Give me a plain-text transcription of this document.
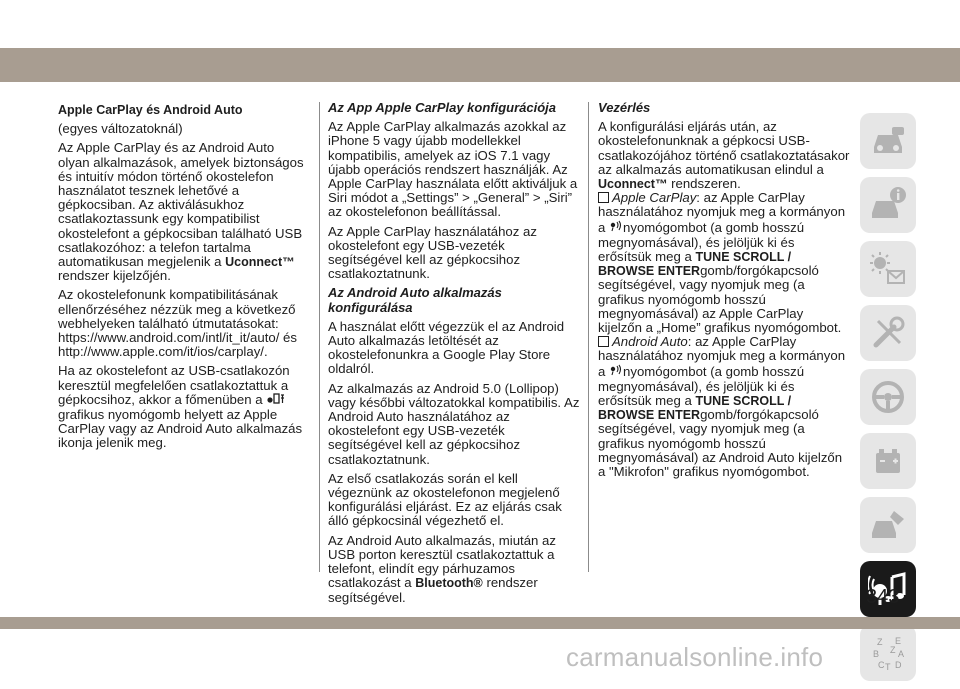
Apple CarPlay és Android Auto

(egyes változatoknál)

Az Apple CarPlay és az Android Auto olyan alkalmazások, amelyek biztonságos és intuitív módon történő okostelefon használatot tesznek lehetővé a gépkocsiban. Az aktiválásukhoz csatlakoztassunk egy kompatibilist okostelefont a gépkocsiban található USB csatlakozóhoz: a telefon tartalma automatikusan megjelenik a Uconnect™ rendszer kijelzőjén.

Az okostelefonunk kompatibilitásának ellenőrzéséhez nézzük meg a következő webhelyeken található útmutatásokat: https://www.android.com/intl/it_it/auto/ és http://www.apple.com/it/ios/carplay/.

Ha az okostelefont az USB-csatlakozón keresztül megfelelően csatlakoztattuk a gépkocsihoz, akkor a főmenüben a  grafikus nyomógomb helyett az Apple CarPlay vagy az Android Auto alkalmazás ikonja jelenik meg.

Az App Apple CarPlay konfigurációja

Az Apple CarPlay alkalmazás azokkal az iPhone 5 vagy újabb modellekkel kompatibilis, amelyek az iOS 7.1 vagy újabb operációs rendszert használják. Az Apple CarPlay használata előtt aktiváljuk a Siri módot a „Settings” > „General” > „Siri” az okostelefonon beállítással.

Az Apple CarPlay használatához az okostelefont egy USB-vezeték segítségével kell az gépkocsihoz csatlakoztatnunk.

Az Android Auto alkalmazás konfigurálása

A használat előtt végezzük el az Android Auto alkalmazás letöltését az okostelefonunkra a Google Play Store oldalról.

Az alkalmazás az Android 5.0 (Lollipop) vagy későbbi változatokkal kompatibilis. Az Android Auto használatához az okostelefont egy USB-vezeték segítségével kell az gépkocsihoz csatlakoztatnunk.

Az első csatlakozás során el kell végeznünk az okostelefonon megjelenő konfigurálási eljárást. Ez az eljárás csak álló gépkocsinál végezhető el.

Az Android Auto alkalmazás, miután az USB porton keresztül csatlakoztattuk a telefont, elindít egy párhuzamos csatlakozást a Bluetooth® rendszer segítségével.

Vezérlés

A konfigurálási eljárás után, az okostelefonunknak a gépkocsi USB-csatlakozójához történő csatlakoztatásakor az alkalmazás automatikusan elindul a Uconnect™ rendszeren.

Apple CarPlay: az Apple CarPlay használatához nyomjuk meg a kormányon a nyomógombot (a gomb hosszú megnyomásával), és jelöljük ki és erősítsük meg a TUNE SCROLL / BROWSE ENTERgomb/forgókapcsoló segítségével, vagy nyomjuk meg (a grafikus nyomógomb hosszú megnyomásával) az Apple CarPlay kijelzőn a „Home” grafikus nyomógombot.

Android Auto: az Apple CarPlay használatához nyomjuk meg a kormányon a nyomógombot (a gomb hosszú megnyomásával), és jelöljük ki és erősítsük meg a TUNE SCROLL / BROWSE ENTERgomb/forgókapcsoló segítségével, vagy nyomjuk meg (a grafikus nyomógomb hosszú megnyomásával) az Android Auto kijelzőn a "Mikrofon" grafikus nyomógombot.

Z E
B A
C D
T
Z
343
carmanualsonline.info
